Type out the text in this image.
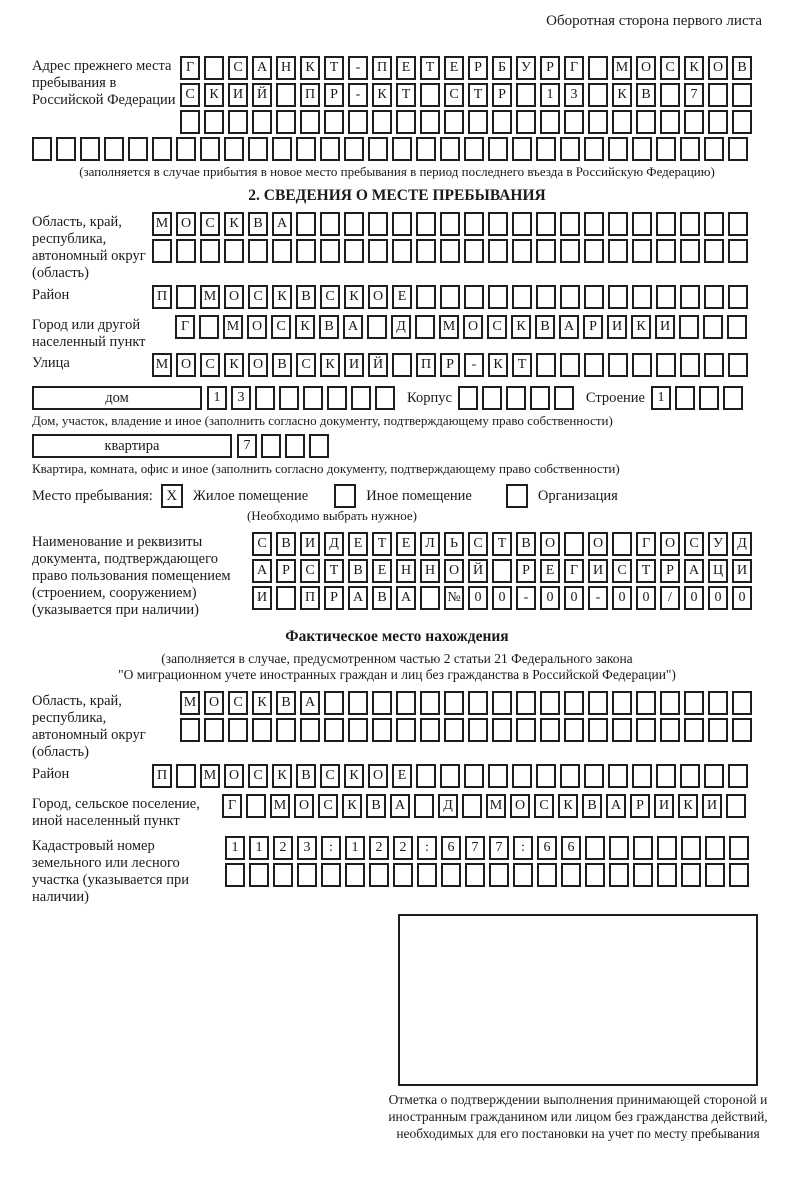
Оборотная сторона первого листа
Адрес прежнего места пребывания в Российской Федерации
Г	С А Н К Т - П Е Т Е Р Б У Р Г	М О С К О В
С К И Й	П Р - К Т	С Т Р	1 3	К В	7
(заполняется в случае прибытия в новое место пребывания в период последнего въезда в Российскую Федерацию)
2. СВЕДЕНИЯ О МЕСТЕ ПРЕБЫВАНИЯ
Область, край, республика, автономный округ (область)
М О С К В А
Район	П	М О С К В С К О Е
Город или другой населенный пункт
Г	М О С К В А	Д	М О С К В А Р И К И
Улица	М О С К О В С К И Й	П Р - К Т
дом	1 3	Корпус	Строение 1
Дом, участок, владение и иное (заполнить согласно документу, подтверждающему право собственности)
квартира	7
Квартира, комната, офис и иное (заполнить согласно документу, подтверждающему право собственности)
Место пребывания: X	Жилое помещение	Иное помещение	Организация
(Необходимо выбрать нужное)
Наименование и реквизиты документа, подтверждающего право пользования помещением (строением, сооружением) (указывается при наличии)
С В И Д Е Т Е Л Ь С Т В О	О	Г О С У Д
А Р С Т В Е Н Н О Й	Р Е Г И С Т Р А Ц И
И	П Р А В А	№ 0 0 - 0 0 - 0 0 / 0 0 0
Фактическое место нахождения
(заполняется в случае, предусмотренном частью 2 статьи 21 Федерального закона
"О миграционном учете иностранных граждан и лиц без гражданства в Российской Федерации")
Область, край, республика, автономный округ (область)
М О С К В А
Район	П	М О С К В С К О Е
Город, сельское поселение, иной населенный пункт
Г	М О С К В А	Д	М О С К В А Р И К И
Кадастровый номер земельного или лесного участка (указывается при наличии)
1 1 2 3 : 1 2 2 : 6 7 7 : 6 6
Отметка о подтверждении выполнения принимающей стороной и иностранным гражданином или лицом без гражданства действий, необходимых для его постановки на учет по месту пребывания
